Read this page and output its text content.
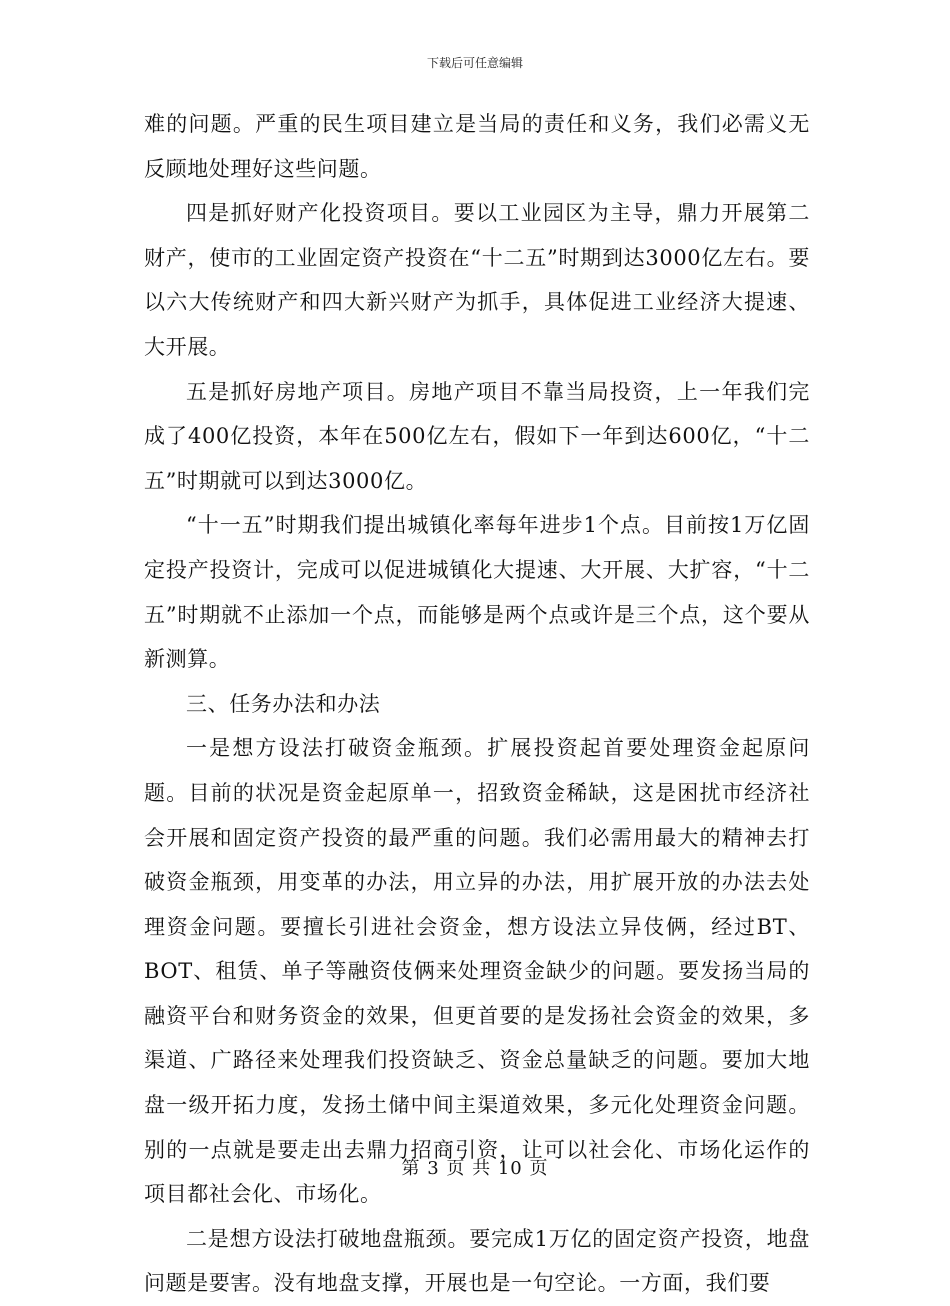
下载后可任意编辑

难的问题。严重的民生项目建立是当局的责任和义务，我们必需义无反顾地处理好这些问题。

四是抓好财产化投资项目。要以工业园区为主导，鼎力开展第二财产，使市的工业固定资产投资在“十二五”时期到达3000亿左右。要以六大传统财产和四大新兴财产为抓手，具体促进工业经济大提速、大开展。

五是抓好房地产项目。房地产项目不靠当局投资，上一年我们完成了400亿投资，本年在500亿左右，假如下一年到达600亿，“十二五”时期就可以到达3000亿。

“十一五”时期我们提出城镇化率每年进步1个点。目前按1万亿固定投产投资计，完成可以促进城镇化大提速、大开展、大扩容，“十二五”时期就不止添加一个点，而能够是两个点或许是三个点，这个要从新测算。

三、任务办法和办法

一是想方设法打破资金瓶颈。扩展投资起首要处理资金起原问题。目前的状况是资金起原单一，招致资金稀缺，这是困扰市经济社会开展和固定资产投资的最严重的问题。我们必需用最大的精神去打破资金瓶颈，用变革的办法，用立异的办法，用扩展开放的办法去处理资金问题。要擅长引进社会资金，想方设法立异伎俩，经过BT、BOT、租赁、单子等融资伎俩来处理资金缺少的问题。要发扬当局的融资平台和财务资金的效果，但更首要的是发扬社会资金的效果，多渠道、广路径来处理我们投资缺乏、资金总量缺乏的问题。要加大地盘一级开拓力度，发扬土储中间主渠道效果，多元化处理资金问题。别的一点就是要走出去鼎力招商引资，让可以社会化、市场化运作的项目都社会化、市场化。

二是想方设法打破地盘瓶颈。要完成1万亿的固定资产投资，地盘问题是要害。没有地盘支撑，开展也是一句空论。一方面，我们要

第 3 页 共 10 页
